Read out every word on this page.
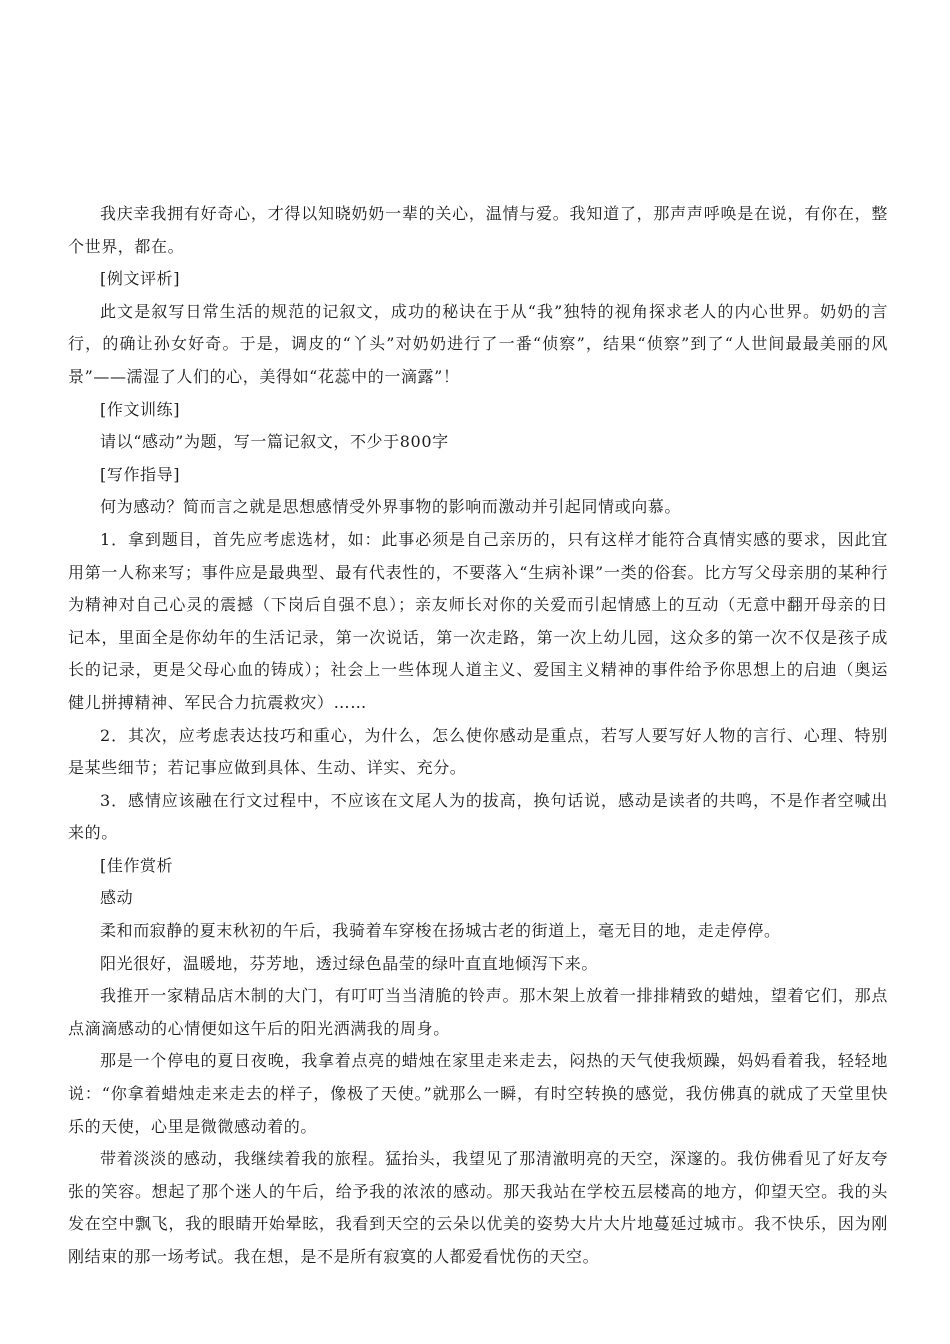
我庆幸我拥有好奇心，才得以知晓奶奶一辈的关心，温情与爱。我知道了，那声声呼唤是在说，有你在，整个世界，都在。

[例文评析]

此文是叙写日常生活的规范的记叙文，成功的秘诀在于从“我”独特的视角探求老人的内心世界。奶奶的言行，的确让孙女好奇。于是，调皮的“丫头”对奶奶进行了一番“侦察”，结果“侦察”到了“人世间最最美丽的风景”——濡湿了人们的心，美得如“花蕊中的一滴露”！

[作文训练]

请以“感动”为题，写一篇记叙文，不少于800字

[写作指导]

何为感动？简而言之就是思想感情受外界事物的影响而激动并引起同情或向慕。

1．拿到题目，首先应考虑选材，如：此事必须是自己亲历的，只有这样才能符合真情实感的要求，因此宜用第一人称来写；事件应是最典型、最有代表性的，不要落入“生病补课”一类的俗套。比方写父母亲朋的某种行为精神对自己心灵的震撼（下岗后自强不息）；亲友师长对你的关爱而引起情感上的互动（无意中翻开母亲的日记本，里面全是你幼年的生活记录，第一次说话，第一次走路，第一次上幼儿园，这众多的第一次不仅是孩子成长的记录，更是父母心血的铸成）；社会上一些体现人道主义、爱国主义精神的事件给予你思想上的启迪（奥运健儿拼搏精神、军民合力抗震救灾）……

2．其次，应考虑表达技巧和重心，为什么，怎么使你感动是重点，若写人要写好人物的言行、心理、特别是某些细节；若记事应做到具体、生动、详实、充分。

3．感情应该融在行文过程中，不应该在文尾人为的拔高，换句话说，感动是读者的共鸣，不是作者空喊出来的。

[佳作赏析

感动

柔和而寂静的夏末秋初的午后，我骑着车穿梭在扬城古老的街道上，毫无目的地，走走停停。

阳光很好，温暖地，芬芳地，透过绿色晶莹的绿叶直直地倾泻下来。

我推开一家精品店木制的大门，有叮叮当当清脆的铃声。那木架上放着一排排精致的蜡烛，望着它们，那点点滴滴感动的心情便如这午后的阳光洒满我的周身。

那是一个停电的夏日夜晚，我拿着点亮的蜡烛在家里走来走去，闷热的天气使我烦躁，妈妈看着我，轻轻地说：“你拿着蜡烛走来走去的样子，像极了天使。”就那么一瞬，有时空转换的感觉，我仿佛真的就成了天堂里快乐的天使，心里是微微感动着的。

带着淡淡的感动，我继续着我的旅程。猛抬头，我望见了那清澈明亮的天空，深邃的。我仿佛看见了好友夸张的笑容。想起了那个迷人的午后，给予我的浓浓的感动。那天我站在学校五层楼高的地方，仰望天空。我的头发在空中飘飞，我的眼睛开始晕眩，我看到天空的云朵以优美的姿势大片大片地蔓延过城市。我不快乐，因为刚刚结束的那一场考试。我在想，是不是所有寂寞的人都爱看忧伤的天空。
